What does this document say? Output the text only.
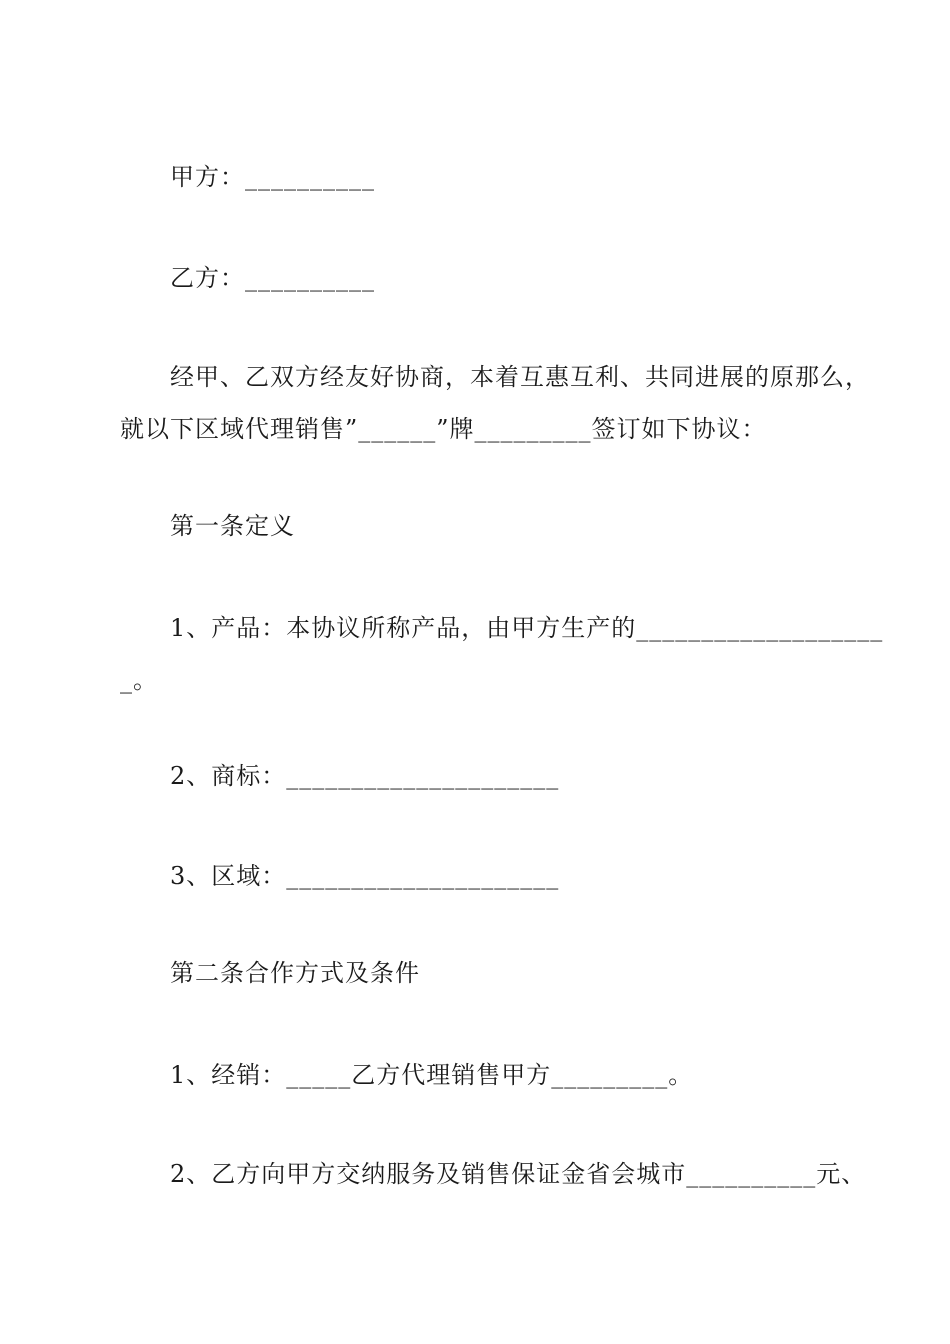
　　甲方：__________
　　乙方：__________
　　经甲、乙双方经友好协商，本着互惠互利、共同进展的原那么，
就以下区域代理销售”______”牌_________签订如下协议：
　　第一条定义
　　1、产品：本协议所称产品，由甲方生产的___________________
_。
　　2、商标：_____________________
　　3、区域：_____________________
　　第二条合作方式及条件
　　1、经销：_____乙方代理销售甲方_________。
　　2、乙方向甲方交纳服务及销售保证金省会城市__________元、
